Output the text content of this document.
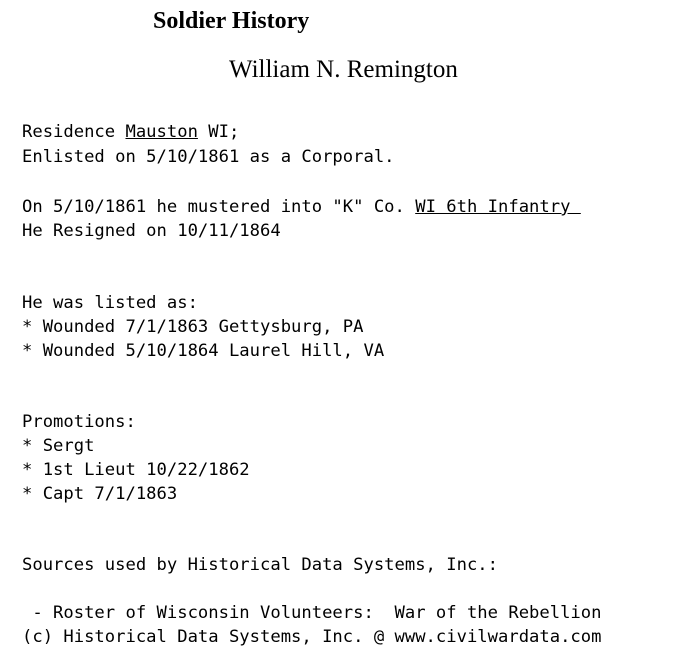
Soldier History
William N. Remington
Residence Mauston WI;
Enlisted on 5/10/1861 as a Corporal.
On 5/10/1861 he mustered into "K" Co. WI 6th Infantry
He Resigned on 10/11/1864
He was listed as:
* Wounded 7/1/1863 Gettysburg, PA
* Wounded 5/10/1864 Laurel Hill, VA
Promotions:
* Sergt
* 1st Lieut 10/22/1862
* Capt 7/1/1863
Sources used by Historical Data Systems, Inc.:
- Roster of Wisconsin Volunteers:  War of the Rebellion
(c) Historical Data Systems, Inc. @ www.civilwardata.com
